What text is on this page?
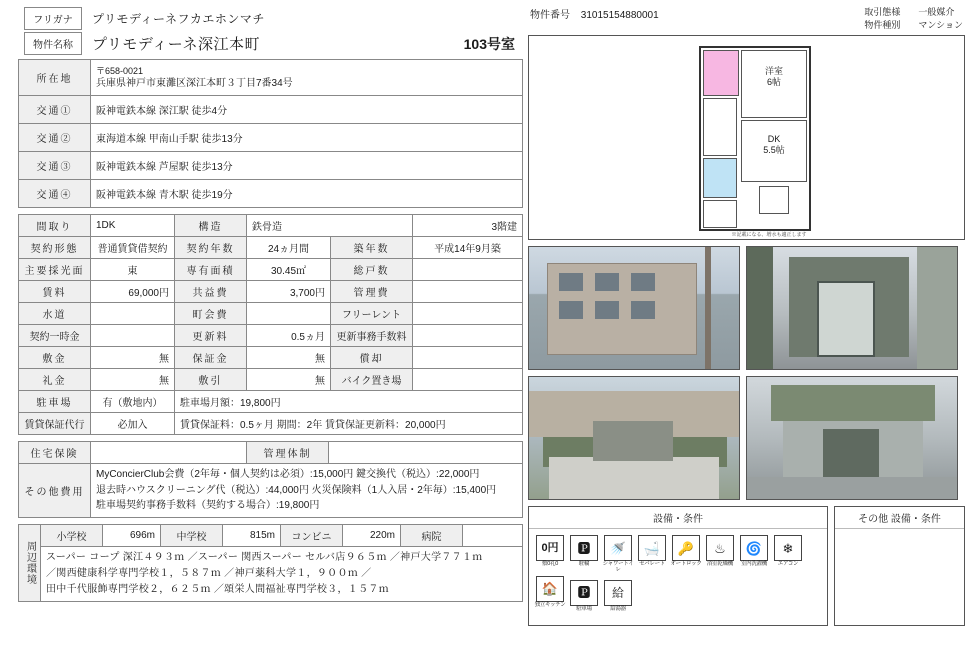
フリガナ	プリモディーネフカエホンマチ
物件名称	プリモディーネ深江本町	103号室
所在地	〒658-0021
兵庫県神戸市東灘区深江本町３丁目7番34号

交通①	阪神電鉄本線 深江駅 徒歩4分
交通②	東海道本線 甲南山手駅 徒歩13分
交通③	阪神電鉄本線 芦屋駅 徒歩13分
交通④	阪神電鉄本線 青木駅 徒歩19分
間取り	1DK	構造	鉄骨造		3階建
契約形態	普通賃貸借契約	契約年数	24ヵ月間	築年数	平成14年9月築
主要採光面	東	専有面積	30.45㎡	総戸数	
賃料	69,000円	共益費	3,700円	管理費	
水道		町会費		フリーレント	
契約一時金		更新料	0.5ヵ月	更新事務手数料	
敷金	無	保証金	無	償却	
礼金	無	敷引	無	バイク置き場	
駐車場	有（敷地内）	駐車場月額：19,800円			
賃貸保証代行	必加入	賃貸保証料：0.5ヶ月 期間：2年 賃貸保証更新料：20,000円			
住宅保険		管理体制	
その他費用	
MyConcierClub会費（2年毎・個人契約は必須）:15,000円 鍵交換代（税込）:22,000円
退去時ハウスクリーニング代（税込）:44,000円 火災保険料（1人入居・2年毎）:15,400円
駐車場契約事務手数料（契約する場合）:19,800円
周辺環境
	小学校	696m	中学校	815m	コンビニ	220m	病院	

スーパー コープ 深江４９３ｍ ／スーパー 関西スーパー セルバ店９６５ｍ ／神戸大学７７１ｍ
／関西健康科学専門学校１，５８７ｍ ／神戸薬科大学１，９００ｍ ／
田中千代服飾専門学校２，６２５ｍ ／頌栄人間福祉専門学校３，１５７ｍ
物件番号 31015154880001	取引態様 一般媒介
物件種別 マンション
洋室
6帖
DK
5.5帖
※記載になる、増水も適正します
設備・条件
0円
敷0礼0
🅿
駐輪
🚿
シャワートイレ
🛁
セパレート
🔑
オートロック
♨
浴室乾燥機
🌀
室内洗濯機
❄
エアコン
🏠
独立キッチン
🅿
駐車場
給
給湯器
その他 設備・条件
